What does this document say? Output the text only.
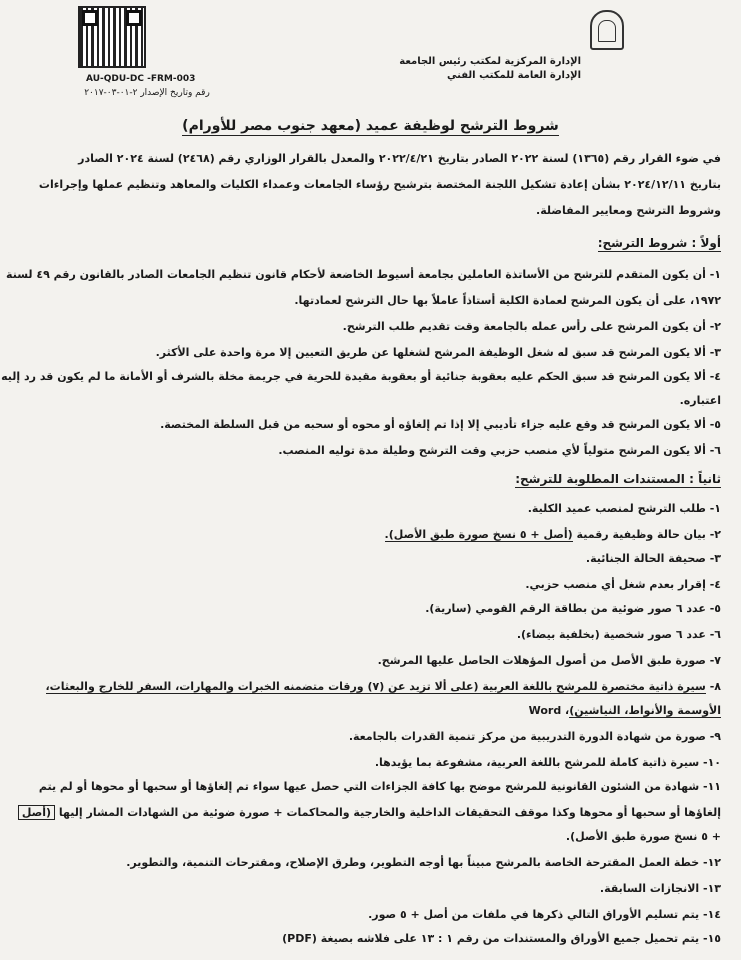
AU-QDU-DC -FRM-003
رقم وتاريخ الإصدار ٢-٠١-٠٣-٢٠١٧
الإدارة المركزية لمكتب رئيس الجامعة
الإدارة العامة للمكتب الفني
شروط الترشح لوظيفة عميد (معهد جنوب مصر للأورام)
في ضوء القرار رقم (١٣٦٥) لسنة ٢٠٢٢ الصادر بتاريخ ٢٠٢٢/٤/٢١ والمعدل بالقرار الوزاري رقم (٢٤٦٨) لسنة ٢٠٢٤ الصادر
بتاريخ ٢٠٢٤/١٢/١١ بشأن إعادة تشكيل اللجنة المختصة بترشيح رؤساء الجامعات وعمداء الكليات والمعاهد وتنظيم عملها وإجراءات
وشروط الترشح ومعايير المفاضلة.
أولاً : شروط الترشح:
١- أن يكون المتقدم للترشح من الأساتذة العاملين بجامعة أسيوط الخاضعة لأحكام قانون تنظيم الجامعات الصادر بالقانون رقم ٤٩ لسنة
١٩٧٢، على أن يكون المرشح لعمادة الكلية أستاذاً عاملاً بها حال الترشح لعمادتها.
٢- أن يكون المرشح على رأس عمله بالجامعة وقت تقديم طلب الترشح.
٣- ألا يكون المرشح قد سبق له شغل الوظيفة المرشح لشغلها عن طريق التعيين إلا مرة واحدة على الأكثر.
٤- ألا يكون المرشح قد سبق الحكم عليه بعقوبة جنائية أو بعقوبة مقيدة للحرية في جريمة مخلة بالشرف أو الأمانة ما لم يكون قد رد إليه
اعتباره.
٥- ألا يكون المرشح قد وقع عليه جزاء تأديبي إلا إذا تم إلغاؤه أو محوه أو سحبه من قبل السلطة المختصة.
٦- ألا يكون المرشح متولياً لأي منصب حزبي وقت الترشح وطيلة مدة توليه المنصب.
ثانياً : المستندات المطلوبة للترشح:
١- طلب الترشح لمنصب عميد الكلية.
٢- بيان حالة وظيفية رقمية (أصل + ٥ نسخ صورة طبق الأصل).
٣- صحيفة الحالة الجنائية.
٤- إقرار بعدم شغل أي منصب حزبي.
٥- عدد ٦ صور ضوئية من بطاقة الرقم القومي (سارية).
٦- عدد ٦ صور شخصية (بخلفية بيضاء).
٧- صورة طبق الأصل من أصول المؤهلات الحاصل عليها المرشح.
٨- سيرة ذاتية مختصرة للمرشح باللغة العربية (على ألا تزيد عن (٧) ورقات متضمنه الخبرات والمهارات، السفر للخارج والبعثات،
الأوسمة والأنواط، النياشين)، Word
٩- صورة من شهادة الدورة التدريبية من مركز تنمية القدرات بالجامعة.
١٠- سيرة ذاتية كاملة للمرشح باللغة العربية، مشفوعة بما يؤيدها.
١١- شهادة من الشئون القانونية للمرشح موضح بها كافة الجزاءات التي حصل عيها سواء تم إلغاؤها أو سحبها أو محوها أو لم يتم
إلغاؤها أو سحبها أو محوها وكذا موقف التحقيقات الداخلية والخارجية والمحاكمات + صورة ضوئية من الشهادات المشار إليها (أصل
+ ٥ نسخ صورة طبق الأصل).
١٢- خطة العمل المقترحة الخاصة بالمرشح مبيناً بها أوجه التطوير، وطرق الإصلاح، ومقترحات التنمية، والتطوير.
١٣- الانجازات السابقة.
١٤- يتم تسليم الأوراق التالي ذكرها في ملفات من أصل + ٥ صور.
١٥- يتم تحميل جميع الأوراق والمستندات من رقم ١ : ١٣ على فلاشه بصيغة (PDF)
